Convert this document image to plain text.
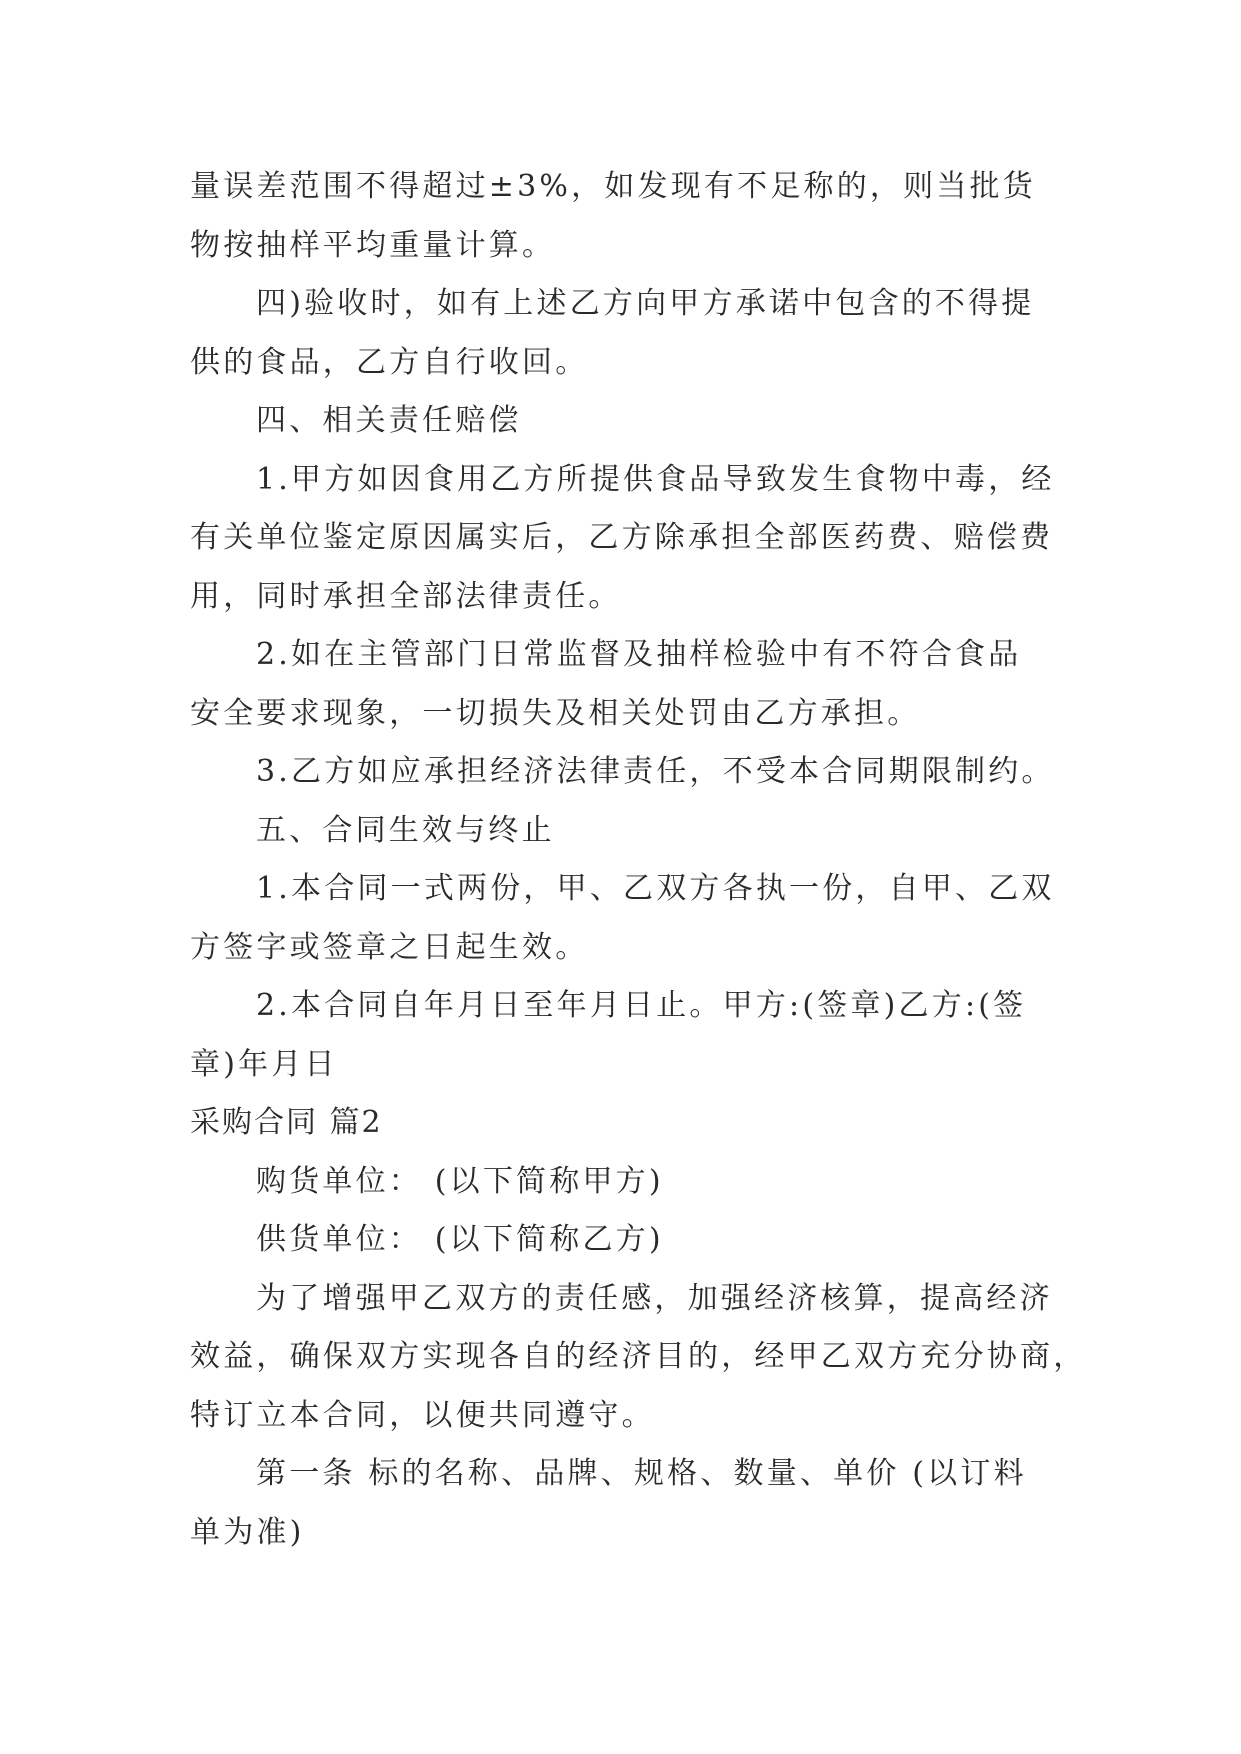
量误差范围不得超过±3%，如发现有不足称的，则当批货
物按抽样平均重量计算。
四)验收时，如有上述乙方向甲方承诺中包含的不得提
供的食品，乙方自行收回。
四、相关责任赔偿
1.甲方如因食用乙方所提供食品导致发生食物中毒，经
有关单位鉴定原因属实后，乙方除承担全部医药费、赔偿费
用，同时承担全部法律责任。
2.如在主管部门日常监督及抽样检验中有不符合食品
安全要求现象，一切损失及相关处罚由乙方承担。
3.乙方如应承担经济法律责任，不受本合同期限制约。
五、合同生效与终止
1.本合同一式两份，甲、乙双方各执一份，自甲、乙双
方签字或签章之日起生效。
2.本合同自年月日至年月日止。甲方:(签章)乙方:(签
章)年月日
采购合同 篇2
购货单位： (以下简称甲方)
供货单位： (以下简称乙方)
为了增强甲乙双方的责任感，加强经济核算，提高经济
效益，确保双方实现各自的经济目的，经甲乙双方充分协商，
特订立本合同，以便共同遵守。
第一条 标的名称、品牌、规格、数量、单价 (以订料
单为准)
